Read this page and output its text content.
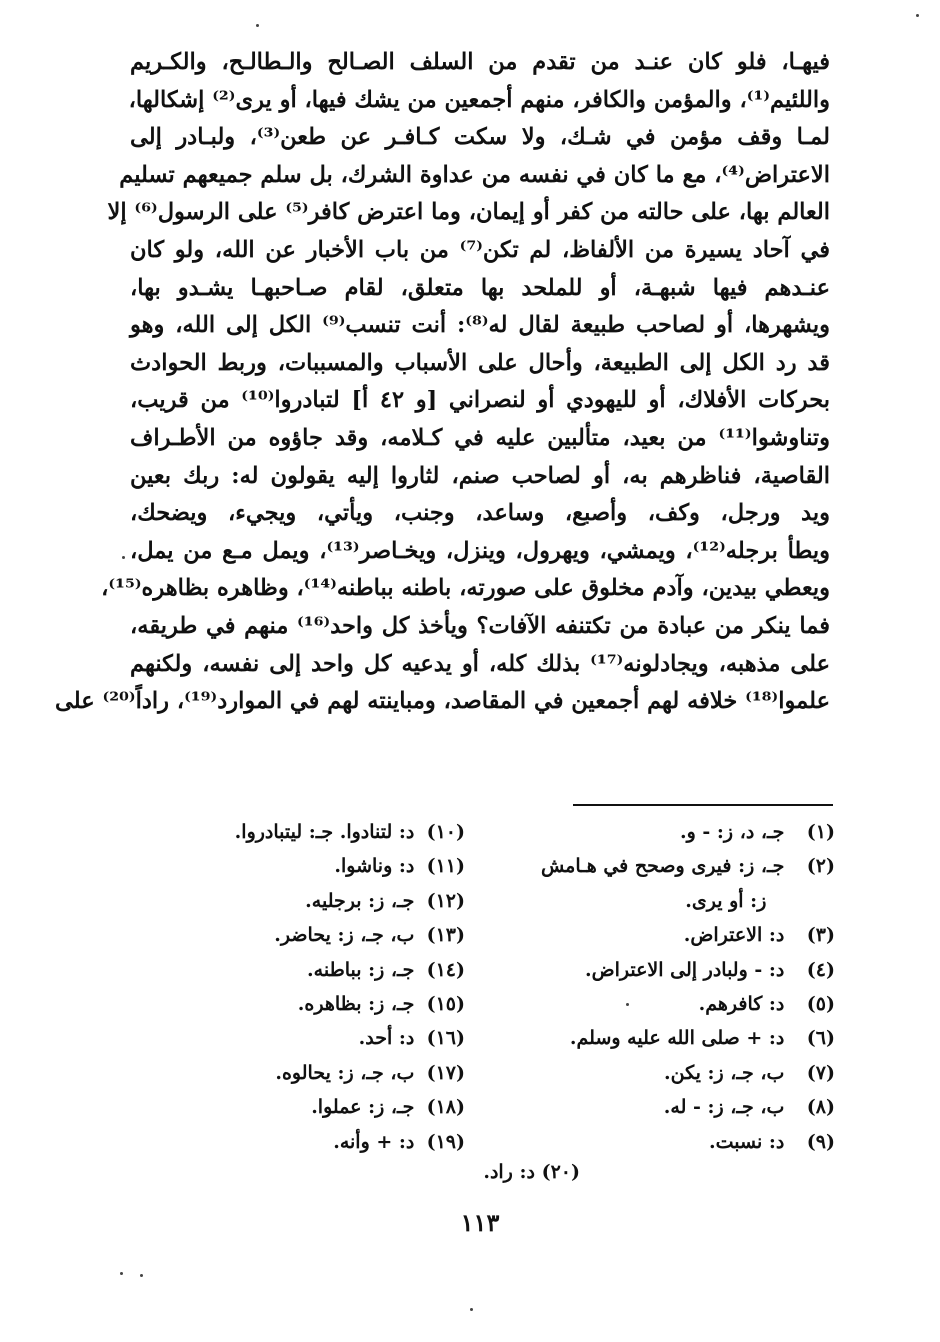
فيهـا، فلو كان عنـد من تقدم من السلف الصـالح والـطالـح، والكـريم
واللئيم⁽¹⁾، والمؤمن والكافر، منهم أجمعين من يشك فيها، أو يرى⁽²⁾ إشكالها،
لمـا وقف مؤمن في شـك، ولا سكت كـافـر عن طعن⁽³⁾، ولبـادر إلى
الاعتراض⁽⁴⁾، مع ما كان في نفسه من عداوة الشرك، بل سلم جميعهم تسليم
العالم بها، على حالته من كفر أو إيمان، وما اعترض كافر⁽⁵⁾ على الرسول⁽⁶⁾ إلا
في آحاد يسيرة من الألفاظ، لم تكن⁽⁷⁾ من باب الأخبار عن الله، ولو كان
عنـدهم فيها شبهـة، أو للملحد بها متعلق، لقام صـاحبهـا يشـدو بها،
ويشهرها، أو لصاحب طبيعة لقال له⁽⁸⁾: أنت تنسب⁽⁹⁾ الكل إلى الله، وهو
قد رد الكل إلى الطبيعة، وأحال على الأسباب والمسببات، وربط الحوادث
بحركات الأفلاك، أو لليهودي أو لنصراني [و ٤٢ أ] لتبادروا⁽¹⁰⁾ من قريب،
وتناوشوا⁽¹¹⁾ من بعيد، متألبين عليه في كـلامه، وقد جاؤوه من الأطـراف
القاصية، فناظرهم به، أو لصاحب صنم، لثاروا إليه يقولون له: ربك بعين
ويد ورجل، وكف، وأصبع، وساعد، وجنب، ويأتي، ويجيء، ويضحك،
ويطأ برجله⁽¹²⁾، ويمشي، ويهرول، وينزل، ويخـاصر⁽¹³⁾، ويمل مـع من يمل،
ويعطي بيدين، وآدم مخلوق على صورته، باطنه بباطنه⁽¹⁴⁾، وظاهره بظاهره⁽¹⁵⁾،
فما ينكر من عبادة من تكتنفه الآفات؟ ويأخذ كل واحد⁽¹⁶⁾ منهم في طريقه،
على مذهبه، ويجادلونه⁽¹⁷⁾ بذلك كله، أو يدعيه كل واحد إلى نفسه، ولكنهم
علموا⁽¹⁸⁾ خلافه لهم أجمعين في المقاصد، ومباينته لهم في الموارد⁽¹⁹⁾، راداً⁽²⁰⁾ على
(١) جـ، د، ز: - و.
(٢) جـ، ز: فيرى وصحح في هـامش
ز: أو يرى.
(٣) د: الاعتراض.
(٤) د: - ولبادر إلى الاعتراض.
(٥) د: كافرهم.
(٦) د: + صلى الله عليه وسلم.
(٧) ب، جـ، ز: يكن.
(٨) ب، جـ، ز: - له.
(٩) د: نسبت.
(١٠) د: لتنادوا. جـ: ليتبادروا.
(١١) د: وناشوا.
(١٢) جـ، ز: برجليه.
(١٣) ب، جـ، ز: يحاضر.
(١٤) جـ، ز: بباطنه.
(١٥) جـ، ز: بظاهره.
(١٦) د: أحد.
(١٧) ب، جـ، ز: يحالوه.
(١٨) جـ، ز: عملوا.
(١٩) د: + وأنه.
(٢٠) د: راد.
١١٣
